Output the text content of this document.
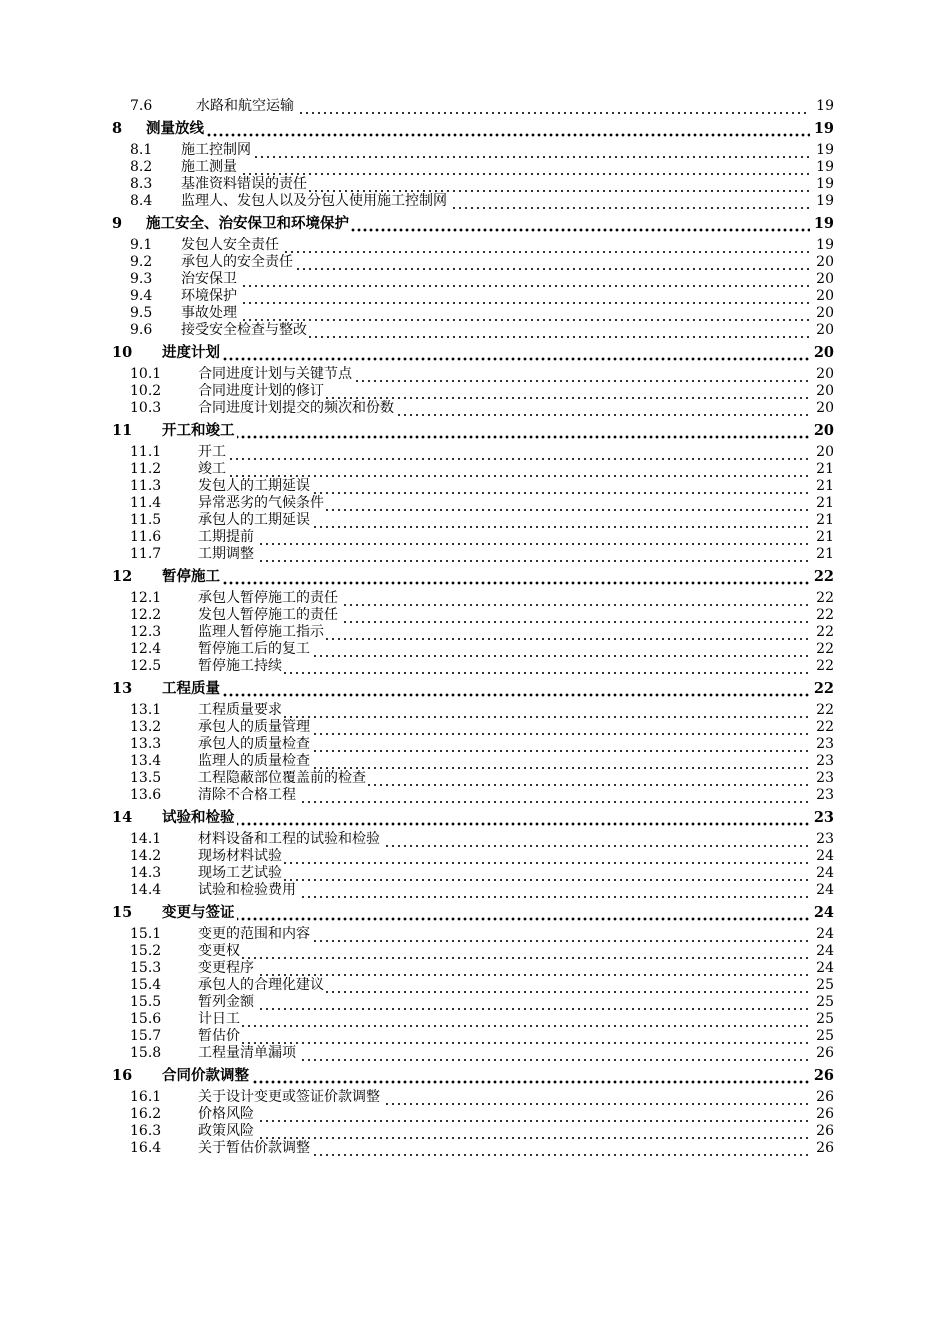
7.6	水路和航空运输	19
8 测量放线	19
8.1 施工控制网	19
8.2 施工测量	19
8.3 基准资料错误的责任	19
8.4 监理人、发包人以及分包人使用施工控制网	19
9 施工安全、治安保卫和环境保护	19
9.1 发包人安全责任	19
9.2 承包人的安全责任	20
9.3 治安保卫	20
9.4 环境保护	20
9.5 事故处理	20
9.6 接受安全检查与整改	20
10 进度计划	20
10.1	合同进度计划与关键节点	20
10.2	合同进度计划的修订	20
10.3	合同进度计划提交的频次和份数	20
11 开工和竣工	20
11.1	开工	20
11.2	竣工	21
11.3	发包人的工期延误	21
11.4	异常恶劣的气候条件	21
11.5	承包人的工期延误	21
11.6	工期提前	21
11.7	工期调整	21
12 暂停施工	22
12.1	承包人暂停施工的责任	22
12.2	发包人暂停施工的责任	22
12.3	监理人暂停施工指示	22
12.4	暂停施工后的复工	22
12.5	暂停施工持续	22
13 工程质量	22
13.1	工程质量要求	22
13.2	承包人的质量管理	22
13.3	承包人的质量检查	23
13.4	监理人的质量检查	23
13.5	工程隐蔽部位覆盖前的检查	23
13.6	清除不合格工程	23
14 试验和检验	23
14.1	材料设备和工程的试验和检验	23
14.2	现场材料试验	24
14.3	现场工艺试验	24
14.4	试验和检验费用	24
15 变更与签证	24
15.1	变更的范围和内容	24
15.2	变更权	24
15.3	变更程序	24
15.4	承包人的合理化建议	25
15.5	暂列金额	25
15.6	计日工	25
15.7	暂估价	25
15.8	工程量清单漏项	26
16 合同价款调整	26
16.1	关于设计变更或签证价款调整	26
16.2	价格风险	26
16.3	政策风险	26
16.4	关于暂估价款调整	26
